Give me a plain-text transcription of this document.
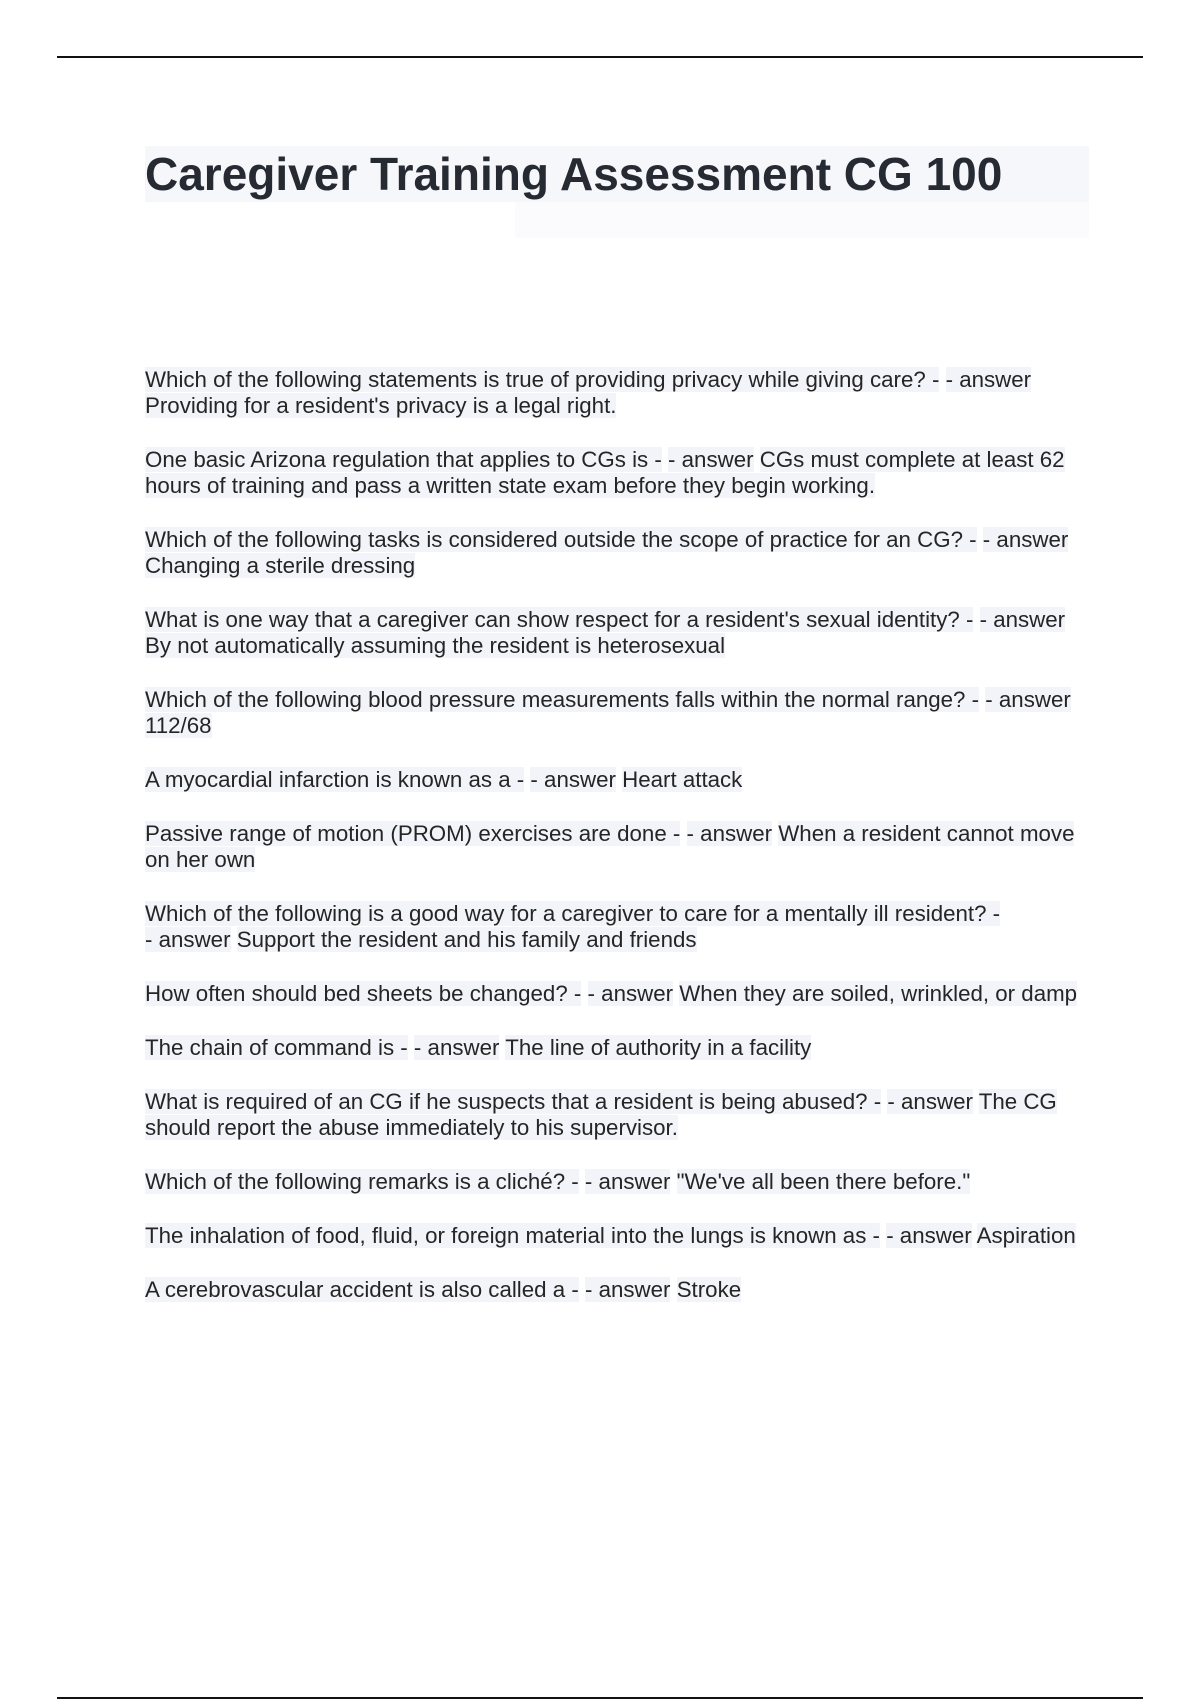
Caregiver Training Assessment CG 100

Which of the following statements is true of providing privacy while giving care? - - answer Providing for a resident's privacy is a legal right.

One basic Arizona regulation that applies to CGs is - - answer CGs must complete at least 62 hours of training and pass a written state exam before they begin working.

Which of the following tasks is considered outside the scope of practice for an CG? - - answer Changing a sterile dressing

What is one way that a caregiver can show respect for a resident's sexual identity? - - answer By not automatically assuming the resident is heterosexual

Which of the following blood pressure measurements falls within the normal range? - - answer 112/68

A myocardial infarction is known as a - - answer Heart attack

Passive range of motion (PROM) exercises are done - - answer When a resident cannot move on her own

Which of the following is a good way for a caregiver to care for a mentally ill resident? - - answer Support the resident and his family and friends

How often should bed sheets be changed? - - answer When they are soiled, wrinkled, or damp

The chain of command is - - answer The line of authority in a facility

What is required of an CG if he suspects that a resident is being abused? - - answer The CG should report the abuse immediately to his supervisor.

Which of the following remarks is a cliché? - - answer "We've all been there before."

The inhalation of food, fluid, or foreign material into the lungs is known as - - answer Aspiration

A cerebrovascular accident is also called a - - answer Stroke
